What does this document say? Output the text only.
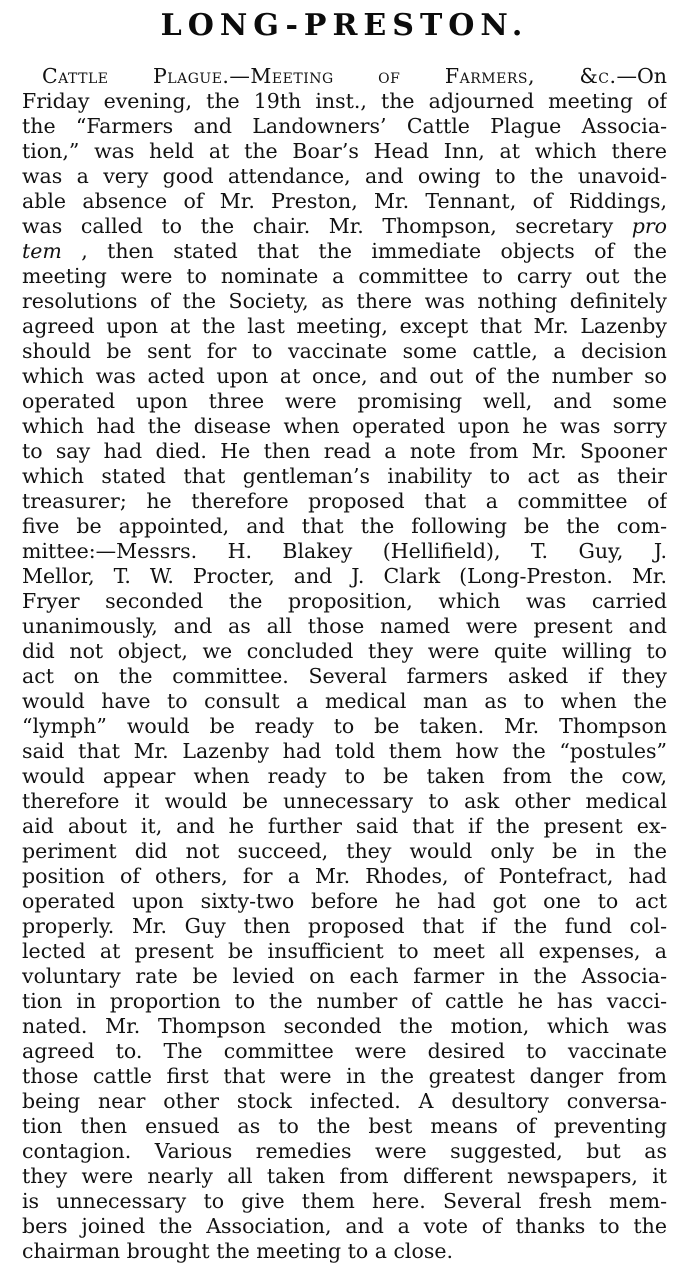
LONG-PRESTON.
Cattle Plague.—Meeting of Farmers, &c.—On
Friday evening, the 19th inst., the adjourned meeting of
the “Farmers and Landowners’ Cattle Plague Associa-
tion,” was held at the Boar’s Head Inn, at which there
was a very good attendance, and owing to the unavoid-
able absence of Mr. Preston, Mr. Tennant, of Riddings,
was called to the chair. Mr. Thompson, secretary pro
tem , then stated that the immediate objects of the
meeting were to nominate a committee to carry out the
resolutions of the Society, as there was nothing definitely
agreed upon at the last meeting, except that Mr. Lazenby
should be sent for to vaccinate some cattle, a decision
which was acted upon at once, and out of the number so
operated upon three were promising well, and some
which had the disease when operated upon he was sorry
to say had died. He then read a note from Mr. Spooner
which stated that gentleman’s inability to act as their
treasurer; he therefore proposed that a committee of
five be appointed, and that the following be the com-
mittee:—Messrs. H. Blakey (Hellifield), T. Guy, J.
Mellor, T. W. Procter, and J. Clark (Long-Preston. Mr.
Fryer seconded the proposition, which was carried
unanimously, and as all those named were present and
did not object, we concluded they were quite willing to
act on the committee. Several farmers asked if they
would have to consult a medical man as to when the
“lymph” would be ready to be taken. Mr. Thompson
said that Mr. Lazenby had told them how the “postules”
would appear when ready to be taken from the cow,
therefore it would be unnecessary to ask other medical
aid about it, and he further said that if the present ex-
periment did not succeed, they would only be in the
position of others, for a Mr. Rhodes, of Pontefract, had
operated upon sixty-two before he had got one to act
properly. Mr. Guy then proposed that if the fund col-
lected at present be insufficient to meet all expenses, a
voluntary rate be levied on each farmer in the Associa-
tion in proportion to the number of cattle he has vacci-
nated. Mr. Thompson seconded the motion, which was
agreed to. The committee were desired to vaccinate
those cattle first that were in the greatest danger from
being near other stock infected. A desultory conversa-
tion then ensued as to the best means of preventing
contagion. Various remedies were suggested, but as
they were nearly all taken from different newspapers, it
is unnecessary to give them here. Several fresh mem-
bers joined the Association, and a vote of thanks to the
chairman brought the meeting to a close.
